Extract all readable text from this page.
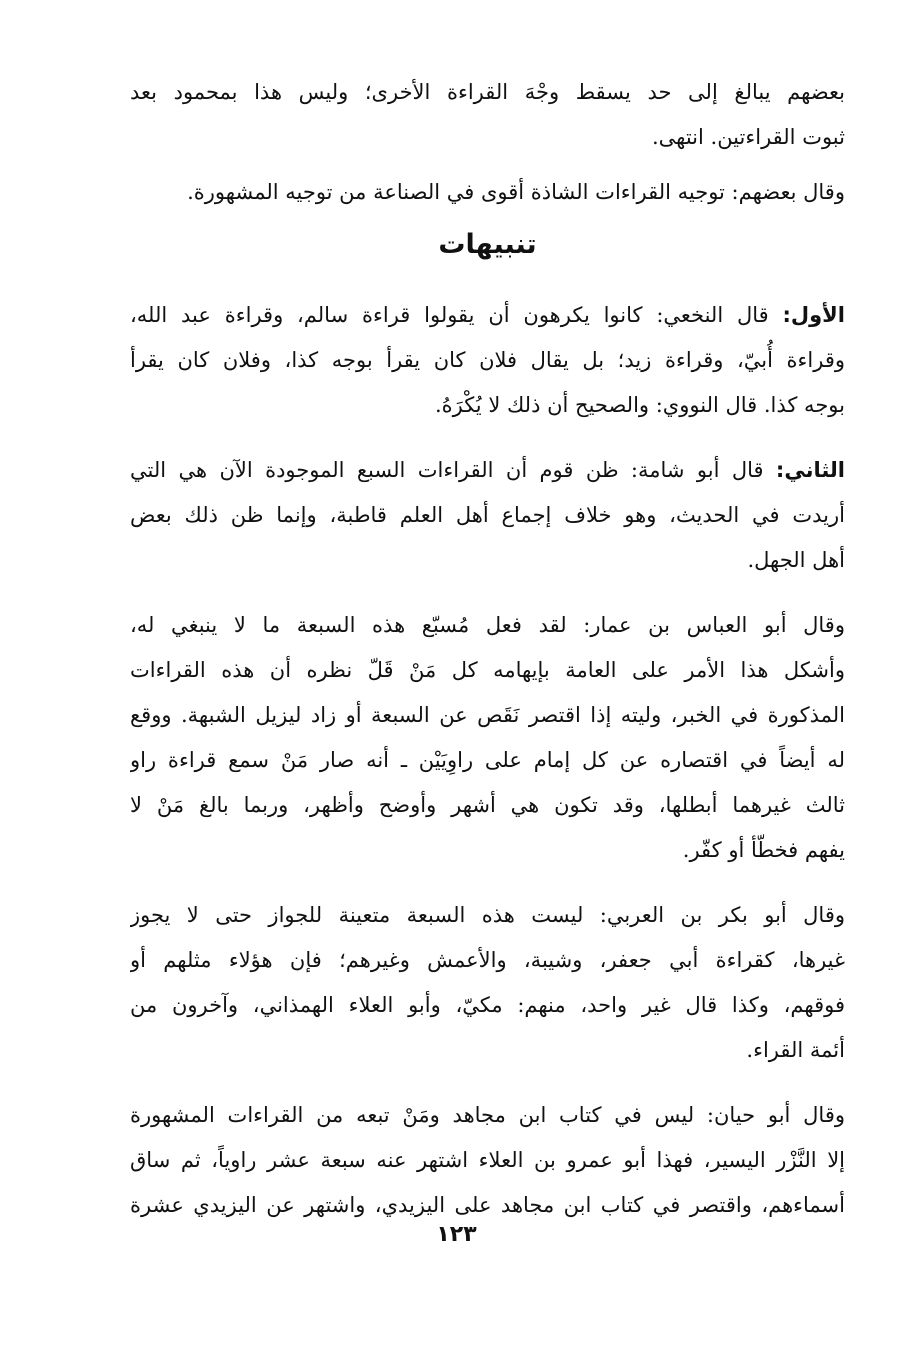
بعضهم يبالغ إلى حد يسقط وجْهَ القراءة الأخرى؛ وليس هذا بمحمود بعد
ثبوت القراءتين. انتهى.
وقال بعضهم: توجيه القراءات الشاذة أقوى في الصناعة من توجيه المشهورة.
تنبيهات
الأول: قال النخعي: كانوا يكرهون أن يقولوا قراءة سالم، وقراءة عبد الله،
وقراءة أُبيّ، وقراءة زيد؛ بل يقال فلان كان يقرأ بوجه كذا، وفلان كان يقرأ
بوجه كذا. قال النووي: والصحيح أن ذلك لا يُكْرَهُ.
الثاني: قال أبو شامة: ظن قوم أن القراءات السبع الموجودة الآن هي التي
أريدت في الحديث، وهو خلاف إجماع أهل العلم قاطبة، وإنما ظن ذلك بعض
أهل الجهل.
وقال أبو العباس بن عمار: لقد فعل مُسبّع هذه السبعة ما لا ينبغي له،
وأشكل هذا الأمر على العامة بإيهامه كل مَنْ قَلّ نظره أن هذه القراءات
المذكورة في الخبر، وليته إذا اقتصر نَقَص عن السبعة أو زاد ليزيل الشبهة. ووقع
له أيضاً في اقتصاره عن كل إمام على راوِيَيْن ـ أنه صار مَنْ سمع قراءة راو
ثالث غيرهما أبطلها، وقد تكون هي أشهر وأوضح وأظهر، وربما بالغ مَنْ لا
يفهم فخطّأ أو كفّر.
وقال أبو بكر بن العربي: ليست هذه السبعة متعينة للجواز حتى لا يجوز
غيرها، كقراءة أبي جعفر، وشيبة، والأعمش وغيرهم؛ فإن هؤلاء مثلهم أو
فوقهم، وكذا قال غير واحد، منهم: مكيّ، وأبو العلاء الهمذاني، وآخرون من
أئمة القراء.
وقال أبو حيان: ليس في كتاب ابن مجاهد ومَنْ تبعه من القراءات المشهورة
إلا النَّزْر اليسير، فهذا أبو عمرو بن العلاء اشتهر عنه سبعة عشر راوياً، ثم ساق
أسماءهم، واقتصر في كتاب ابن مجاهد على اليزيدي، واشتهر عن اليزيدي عشرة
١٢٣
